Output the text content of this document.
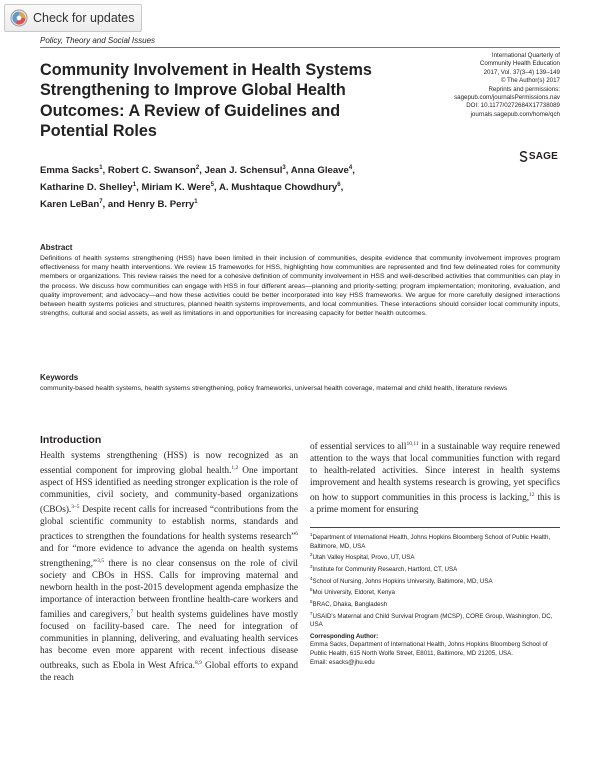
Check for updates
Policy, Theory and Social Issues
International Quarterly of
Community Health Education
2017, Vol. 37(3–4) 139–149
© The Author(s) 2017
Reprints and permissions:
sagepub.com/journalsPermissions.nav
DOI: 10.1177/0272684X17738089
journals.sagepub.com/home/qch
SAGE
Community Involvement in Health Systems Strengthening to Improve Global Health Outcomes: A Review of Guidelines and Potential Roles
Emma Sacks$^1$, Robert C. Swanson$^2$, Jean J. Schensul$^3$, Anna Gleave$^4$,
Katharine D. Shelley$^1$, Miriam K. Were$^5$, A. Mushtaque Chowdhury$^6$,
Karen LeBan$^7$, and Henry B. Perry$^1$
Abstract
Definitions of health systems strengthening (HSS) have been limited in their inclusion of communities, despite evidence that community involvement improves program effectiveness for many health interventions. We review 15 frameworks for HSS, highlighting how communities are represented and find few delineated roles for community members or organizations. This review raises the need for a cohesive definition of community involvement in HSS and well-described activities that communities can play in the process. We discuss how communities can engage with HSS in four different areas—planning and priority-setting; program implementation; monitoring, evaluation, and quality improvement; and advocacy—and how these activities could be better incorporated into key HSS frameworks. We argue for more carefully designed interactions between health systems policies and structures, planned health systems improvements, and local communities. These interactions should consider local community inputs, strengths, cultural and social assets, as well as limitations in and opportunities for increasing capacity for better health outcomes.
Keywords
community-based health systems, health systems strengthening, policy frameworks, universal health coverage, maternal and child health, literature reviews
Introduction
Health systems strengthening (HSS) is now recognized as an essential component for improving global health.$^{1,2}$ One important aspect of HSS identified as needing stronger explication is the role of communities, civil society, and community-based organizations (CBOs).$^{3-5}$ Despite recent calls for increased “contributions from the global scientific community to establish norms, standards and practices to strengthen the foundations for health systems research”$^6$ and for “more evidence to advance the agenda on health systems strengthening,”$^{3,5}$ there is no clear consensus on the role of civil society and CBOs in HSS. Calls for improving maternal and newborn health in the post-2015 development agenda emphasize the importance of interaction between frontline health-care workers and families and caregivers,$^7$ but health systems guidelines have mostly focused on facility-based care. The need for integration of communities in planning, delivering, and evaluating health services has become even more apparent with recent infectious disease outbreaks, such as Ebola in West Africa.$^{8,9}$ Global efforts to expand the reach
of essential services to all$^{10,11}$ in a sustainable way require renewed attention to the ways that local communities function with regard to health-related activities. Since interest in health systems improvement and health systems research is growing, yet specifics on how to support communities in this process is lacking,$^{12}$ this is a prime moment for ensuring
$^1$Department of International Health, Johns Hopkins Bloomberg School of Public Health, Baltimore, MD, USA
$^2$Utah Valley Hospital, Provo, UT, USA
$^3$Institute for Community Research, Hartford, CT, USA
$^4$School of Nursing, Johns Hopkins University, Baltimore, MD, USA
$^5$Moi University, Eldoret, Kenya
$^6$BRAC, Dhaka, Bangladesh
$^7$USAID's Maternal and Child Survival Program (MCSP), CORE Group, Washington, DC, USA
Corresponding Author:
Emma Sacks, Department of International Health, Johns Hopkins Bloomberg School of Public Health, 615 North Wolfe Street, E8011, Baltimore, MD 21205, USA.
Email: esacks@jhu.edu
